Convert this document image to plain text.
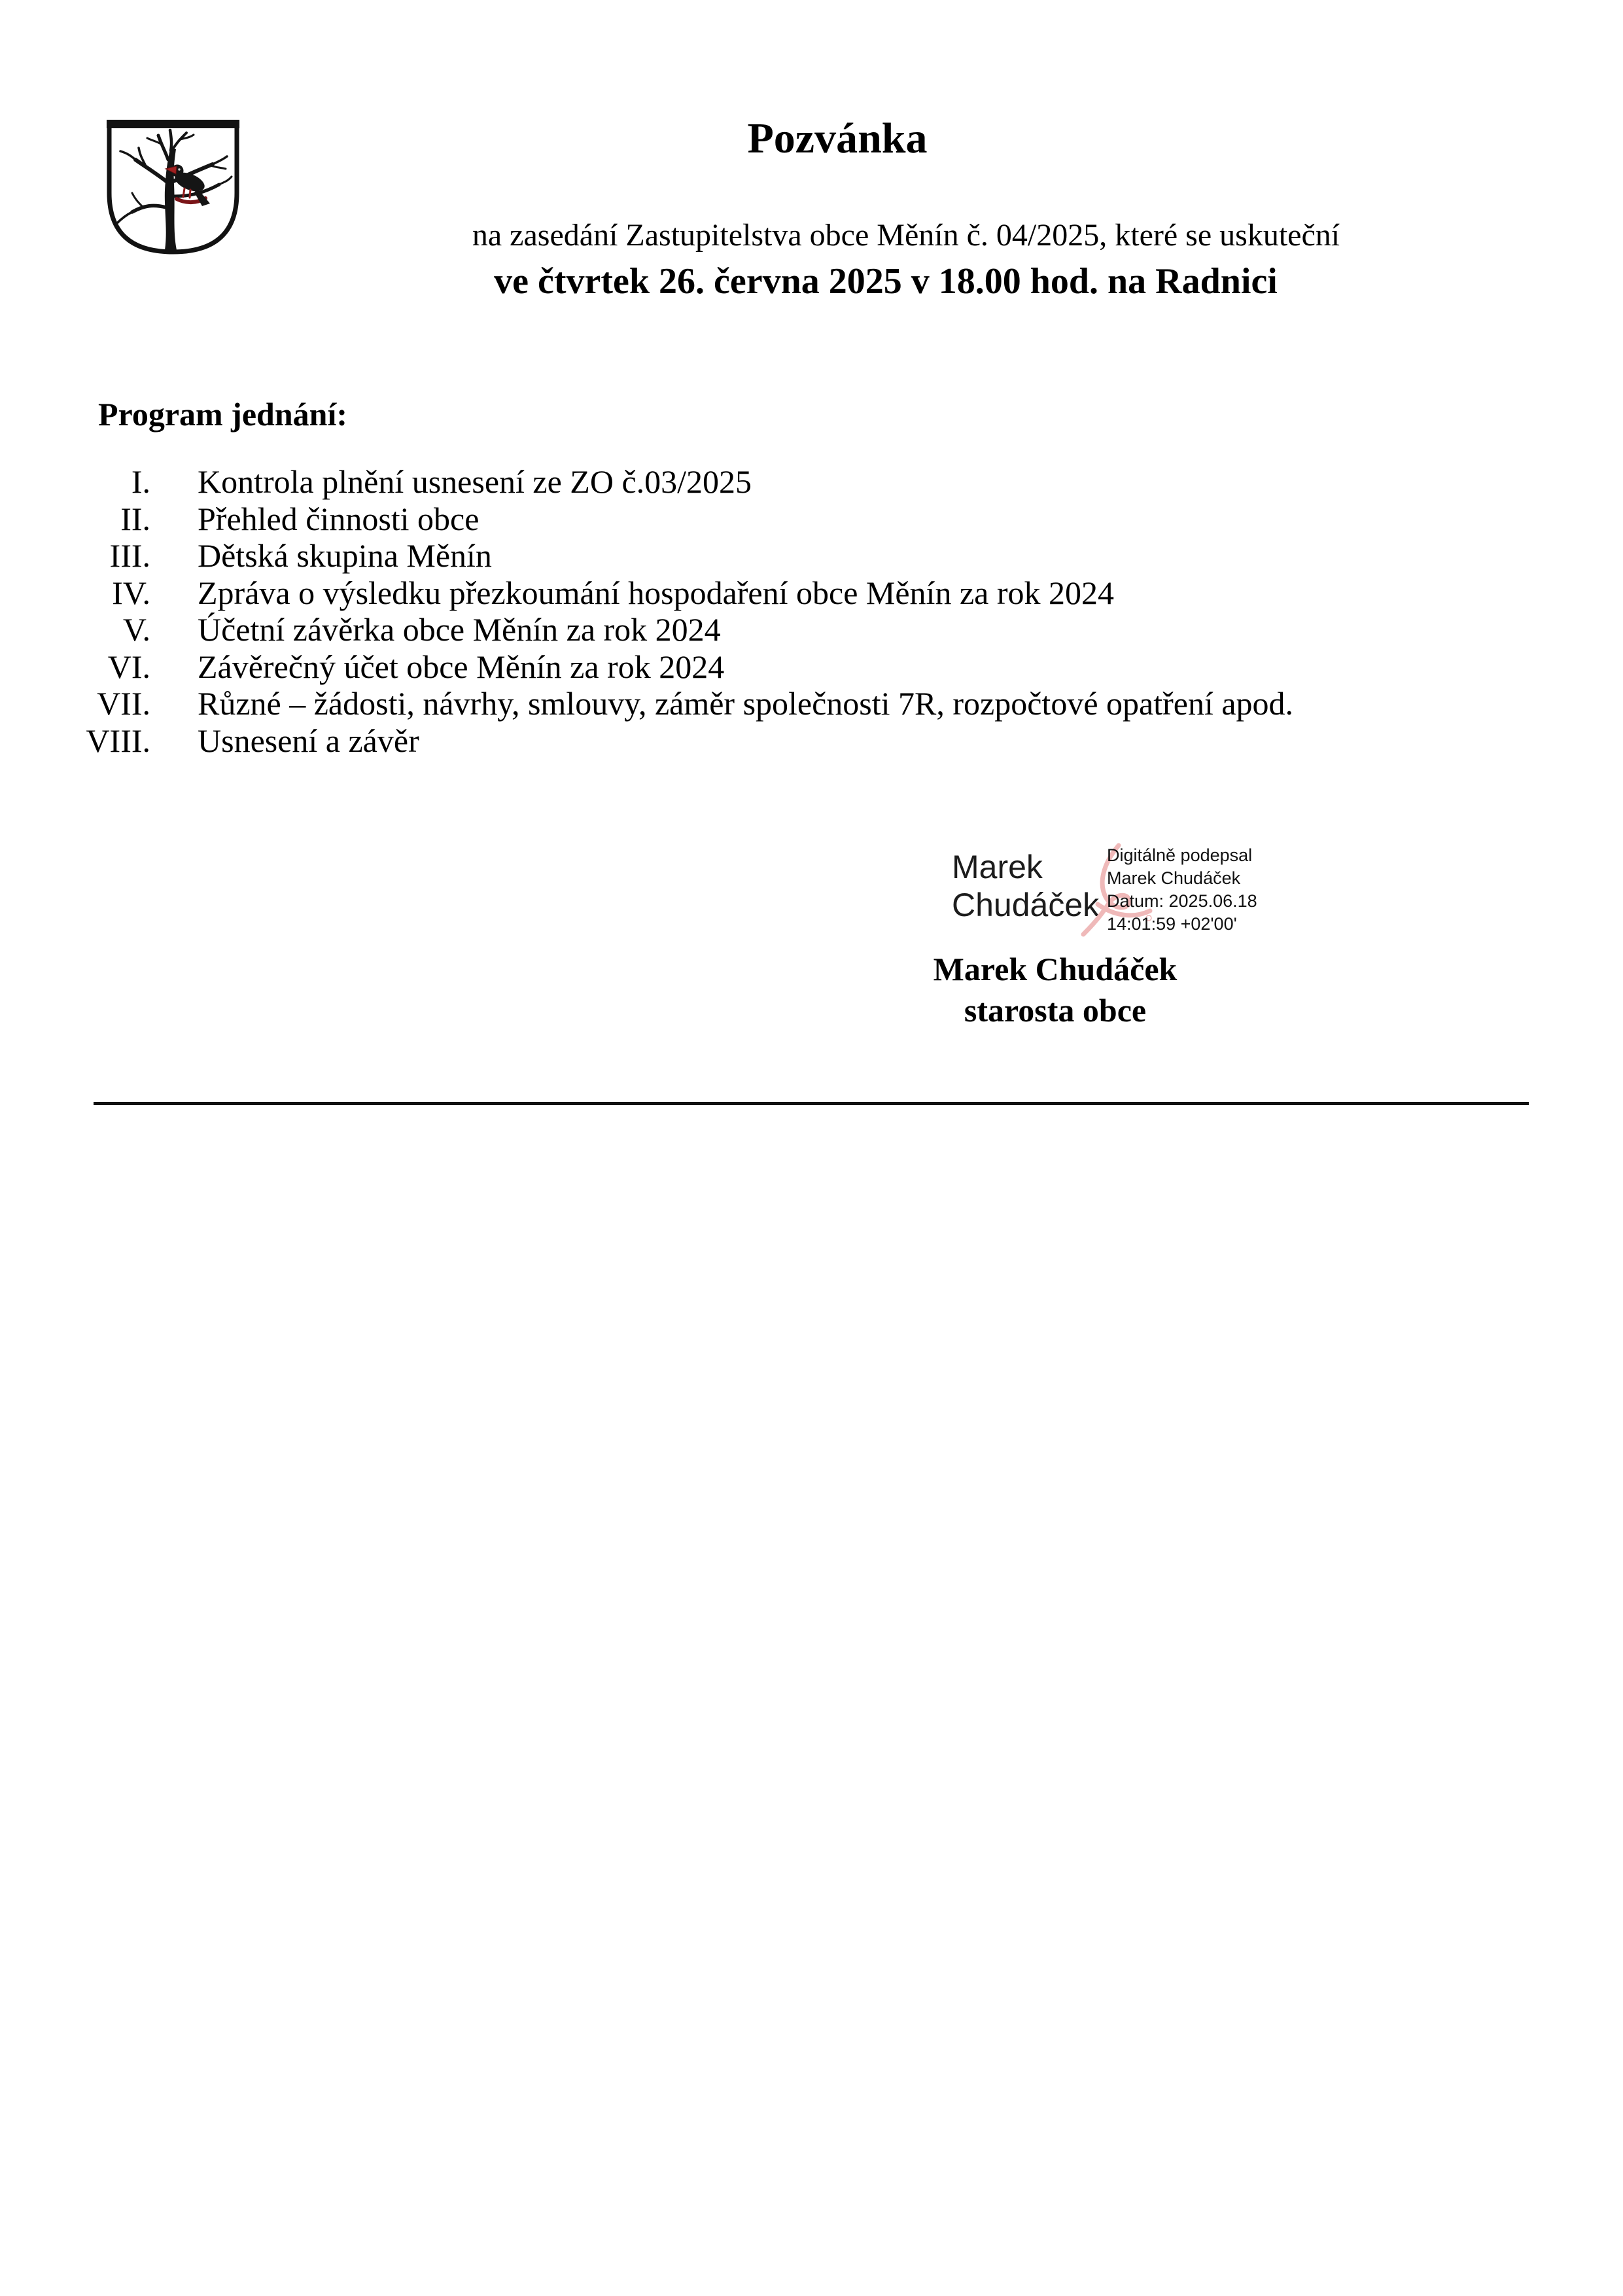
Pozvánka
na zasedání Zastupitelstva obce Měnín č. 04/2025, které se uskuteční
ve čtvrtek 26. června 2025 v 18.00 hod. na Radnici
Program jednání:
I. Kontrola plnění usnesení ze ZO č.03/2025
II. Přehled činnosti obce
III. Dětská skupina Měnín
IV. Zpráva o výsledku přezkoumání hospodaření obce Měnín za rok 2024
V. Účetní závěrka obce Měnín za rok 2024
VI. Závěrečný účet obce Měnín za rok 2024
VII. Různé – žádosti, návrhy, smlouvy, záměr společnosti 7R, rozpočtové opatření apod.
VIII. Usnesení a závěr
Marek
Chudáček
Digitálně podepsal
Marek Chudáček
Datum: 2025.06.18
14:01:59 +02'00'
Marek Chudáček
starosta obce
